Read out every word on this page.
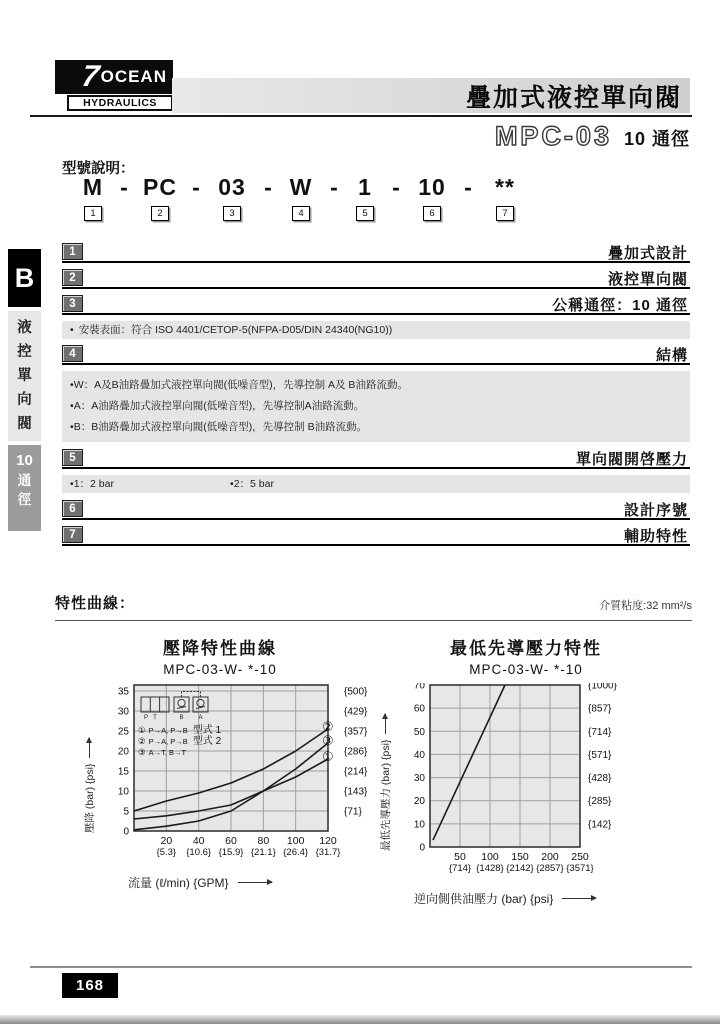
7 OCEAN
HYDRAULICS	疊加式液控單向閥
MPC-03 10 通徑
型號說明：
M
1
- PC
2
- 03
3
- W
4
- 1
5
- 10
6
-	**
7
B
液控單向閥
10
通徑
1	疊加式設計
2	液控單向閥
3	公稱通徑：10 通徑
• 安裝表面：符合 ISO 4401/CETOP-5(NFPA-D05/DIN 24340(NG10))
4	結構
•W：A及B油路疊加式液控單向閥(低噪音型)，先導控制 A及 B油路流動。
•A：A油路疊加式液控單向閥(低噪音型)，先導控制A油路流動。
•B：B油路疊加式液控單向閥(低噪音型)，先導控制 B油路流動。
5	單向閥開啓壓力
•1：2 bar	•2：5 bar
6	設計序號
7	輔助特性
特性曲線：	介質粘度:32 mm²/s
壓降特性曲線
MPC-03-W- *-10
壓降 (bar) {psi}	0
5	{71}
10	{143}
15	{214}
20	{286}
25	{357}
30	{429}
35	{500}
20
{5.3}
40
{10.6}
60
{15.9}
80
{21.1}
100
{26.4}
120
{31.7}
②
③
①
P T	B A
① P→A, P→B 型式 1
② P→A, P→B 型式 2
③ A→T, B→T
流量 (ℓ/min) {GPM}
最低先導壓力特性
MPC-03-W- *-10
最低先導壓力 (bar) {psi}	0
10	{142}
20	{285}
30	{428}
40	{571}
50	{714}
60	{857}
70	{1000}
50
{714}
100
{1428}
150
{2142}
200
{2857}
250
{3571}
逆向側供油壓力 (bar) {psi}
168
